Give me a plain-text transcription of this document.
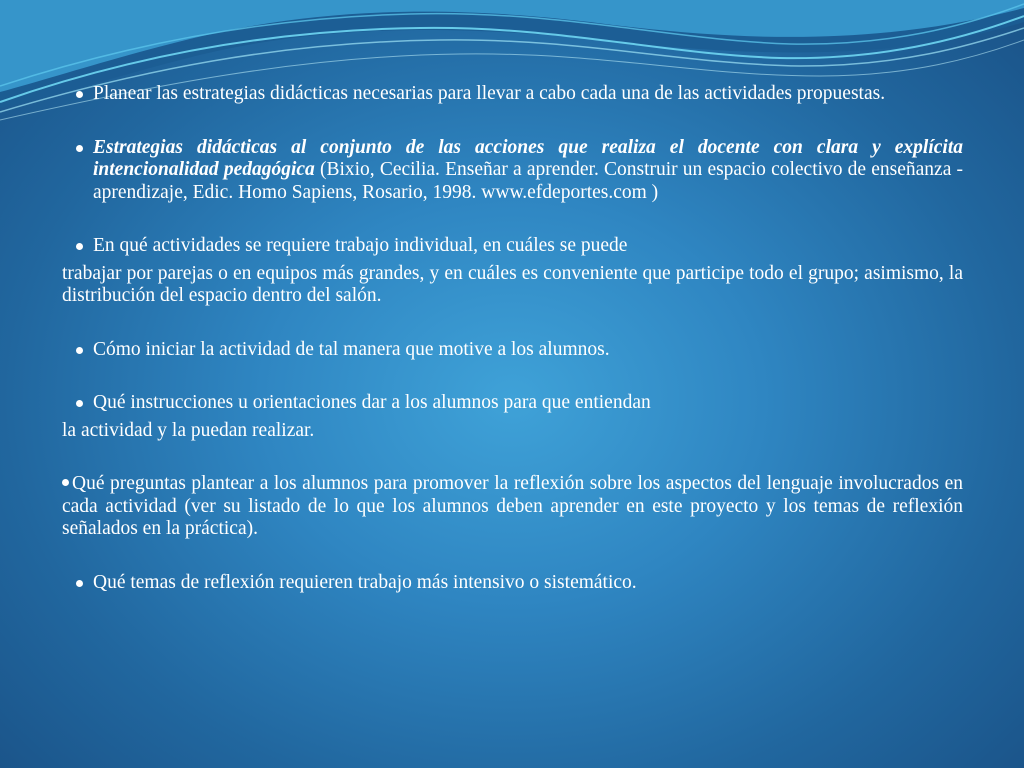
Planear las estrategias didácticas necesarias para llevar a cabo cada una de las actividades propuestas.
Estrategias didácticas al conjunto de las acciones que realiza el docente con clara y explícita intencionalidad pedagógica (Bixio, Cecilia. Enseñar a aprender. Construir un espacio colectivo de enseñanza - aprendizaje, Edic. Homo Sapiens, Rosario, 1998. www.efdeportes.com )
En qué actividades se requiere trabajo individual, en cuáles se puede
trabajar por parejas o en equipos más grandes, y en cuáles es conveniente que participe todo el grupo; asimismo, la distribución del espacio dentro del salón.
Cómo iniciar la actividad de tal manera que motive a los alumnos.
Qué instrucciones u orientaciones dar a los alumnos para que entiendan
la actividad y la puedan realizar.
Qué preguntas plantear a los alumnos para promover la reflexión sobre los aspectos del lenguaje involucrados en cada actividad (ver su listado de lo que los alumnos deben aprender en este proyecto y los temas de reflexión señalados en la práctica).
Qué temas de reflexión requieren trabajo más intensivo o sistemático.
